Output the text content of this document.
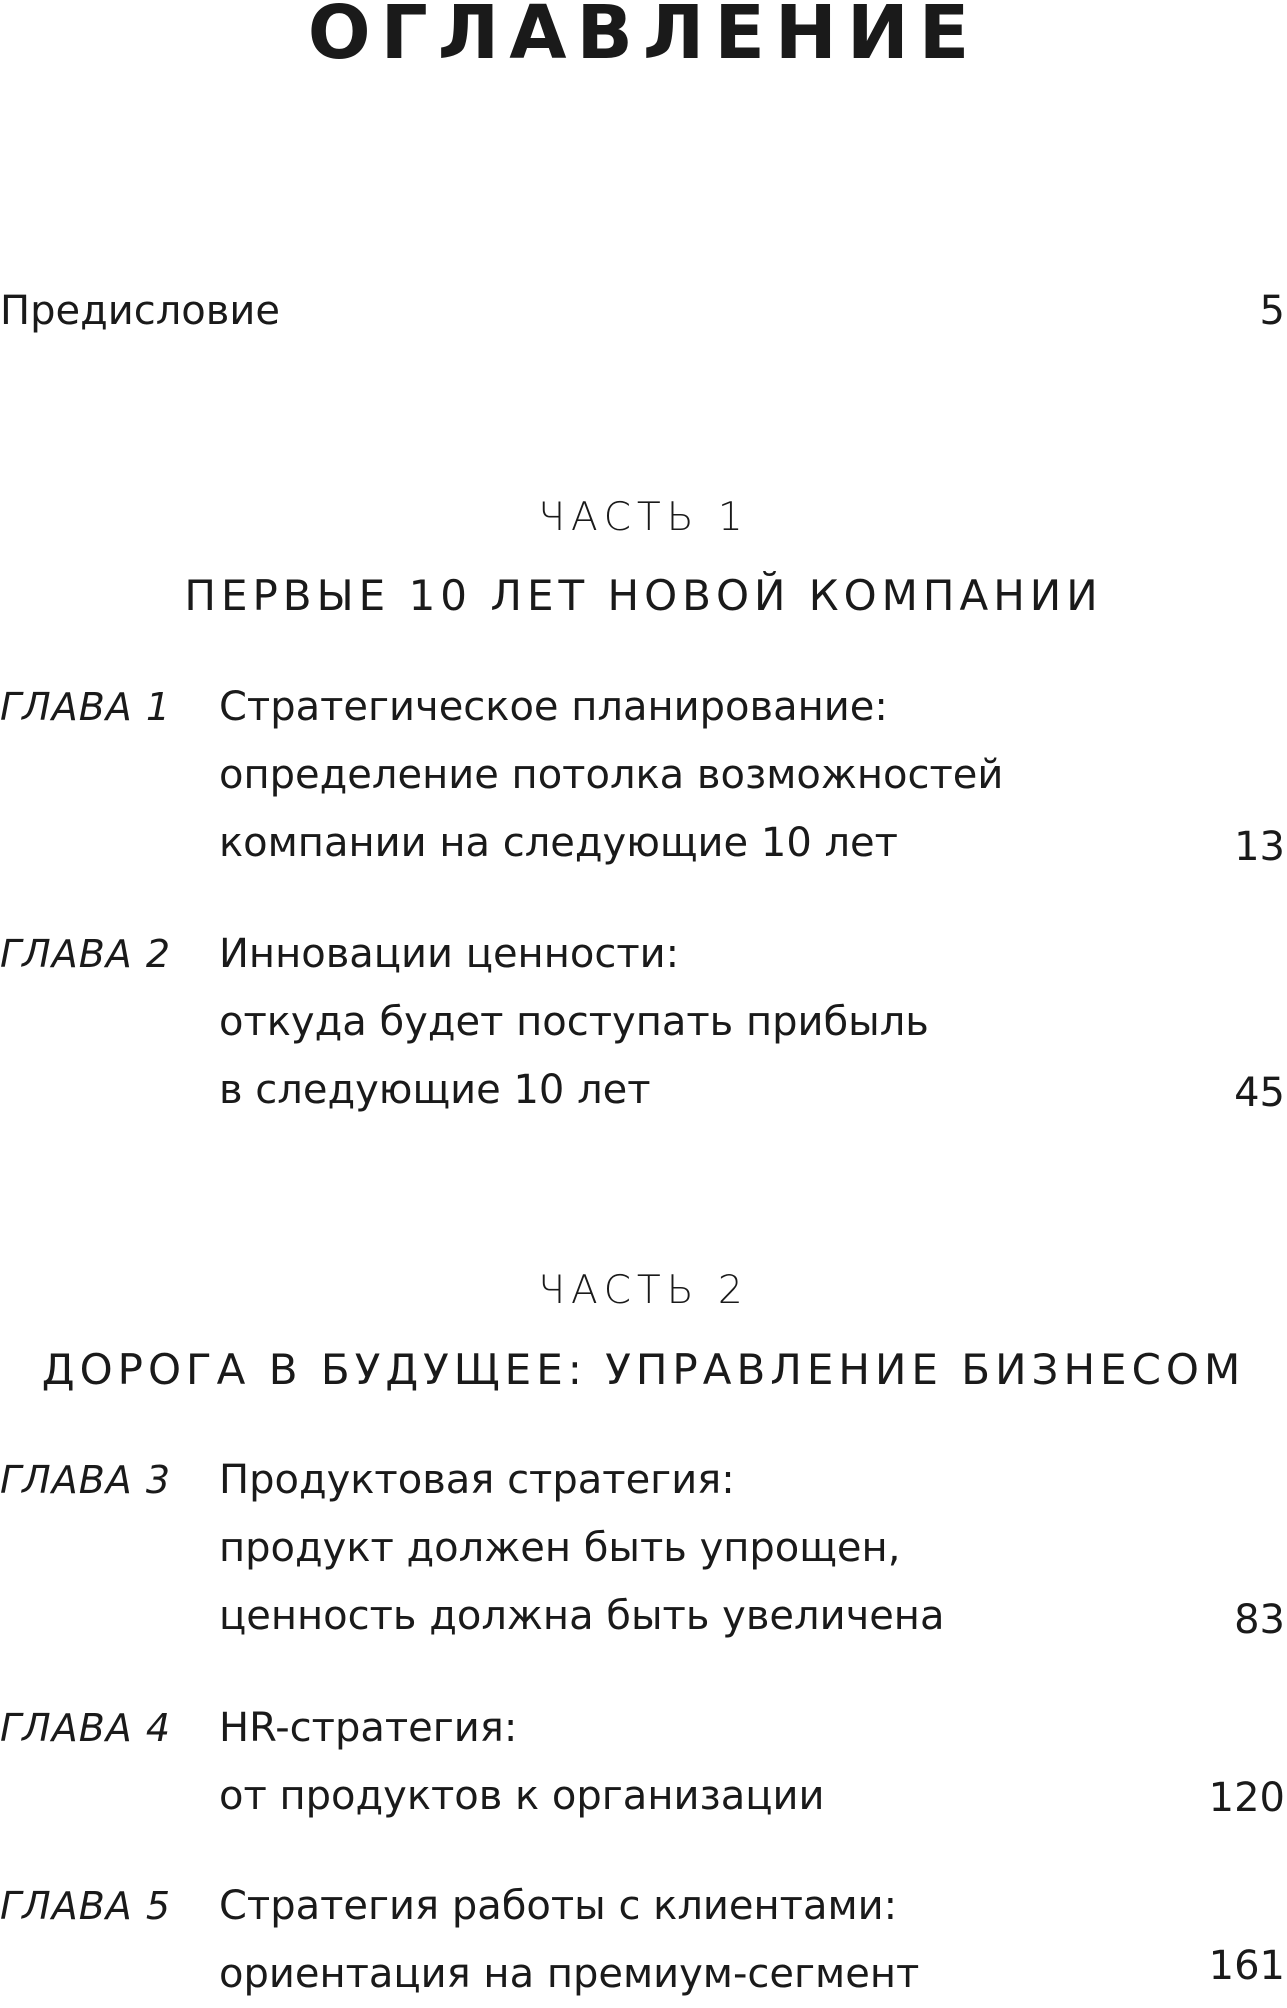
ОГЛАВЛЕНИЕ
Предисловие	5
ЧАСТЬ 1
ПЕРВЫЕ 10 ЛЕТ НОВОЙ КОМПАНИИ
ГЛАВА 1 Стратегическое планирование:
определение потолка возможностей
компании на следующие 10 лет	13
ГЛАВА 2 Инновации ценности:
откуда будет поступать прибыль
в следующие 10 лет	45
ЧАСТЬ 2
ДОРОГА В БУДУЩЕЕ: УПРАВЛЕНИЕ БИЗНЕСОМ
ГЛАВА 3 Продуктовая стратегия:
продукт должен быть упрощен,
ценность должна быть увеличена	83
ГЛАВА 4 HR-стратегия:
от продуктов к организации	120
ГЛАВА 5 Стратегия работы с клиентами:
ориентация на премиум-сегмент	161
